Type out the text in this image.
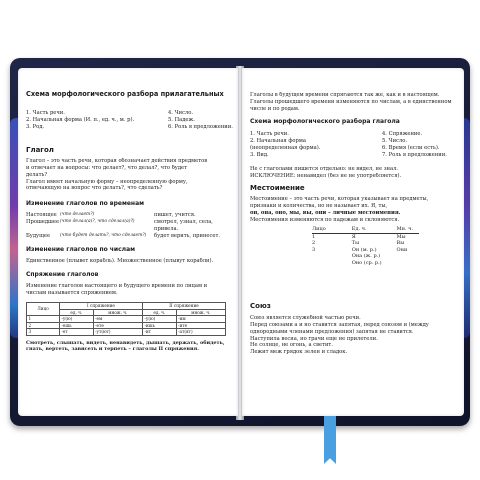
Схема морфологического разбора прилагательных
1. Часть речи.
2. Начальная форма (И. п., ед. ч., м. р).
3. Род.
4. Число.
5. Падеж.
6. Роль в предложении.
Глагол
Глагол – это часть речи, которая обозначает действия предметов
и отвечает на вопросы: что делает?, что делал?, что будет
делать?
Глагол имеет начальную форму – неопределенную форму,
отвечающую на вопрос что делать?, что сделать?
Изменение глаголов по временам
Настоящее (что делает?)	пишет, учится.
Прошедшее (что делал(а)?, что сделал(а)?)	смотрел, узнал, села,
привела.
Будущее (что будет делать?, что сделает?) будет верить, принесет.
Изменение глаголов по числам
Единственное (плывет корабль). Множественное (плывут корабли).
Спряжение глаголов
Изменение глаголов настоящего и будущего времени по лицам и
числам называется спряжением.
Лицо	I спряжение		II спряжение	
	ед. ч.	множ. ч.	ед. ч.	множ. ч.
1	-у(ю)	-ем	-у(ю)	-им
2	-ешь	-ете	-ишь	-ите
3	-ет	-ут(ют)	-ит	-ат(ят)
Смотреть, слышать, видеть, ненавидеть, дышать, держать, обидеть,
гнать, вертеть, зависеть и терпеть – глаголы II спряжения.
Глаголы в будущем времени спрягаются так же, как и в настоящем.
Глаголы прошедшего времени изменяются по числам, а в единственном
числе и по родам.
Схема морфологического разбора глагола
1. Часть речи.
2. Начальная форма
(неопределенная форма).
3. Вид.
4. Спряжение.
5. Число.
6. Время (если есть).
7. Роль в предложении.
Не с глаголами пишется отдельно: не видел, не знал.
ИСКЛЮЧЕНИЕ: ненавидел (без не не употребляется).
Местоимение
Местоимение – это часть речи, которая указывает на предметы,
признаки и количества, но не называет их. Я, ты,
он, она, оно, мы, вы, они – личные местоимения.
Местоимения изменяются по падежам и склоняются.
Лицо	Ед. ч.	Мн. ч.
1	Я	Мы
2	Ты	Вы
3	Он (м. р.)	Они
	Она (ж. р.)	
	Оно (ср. р.)	
Союз
Союз является служебной частью речи.
Перед союзами а и но ставится запятая, перед союзом и (между
однородными членами предложения) запятая не ставится.
Наступила весна, но грачи еще не прилетели.
Не солнце, не огонь, а светит.
Лежит меж грядок зелен и сладок.
